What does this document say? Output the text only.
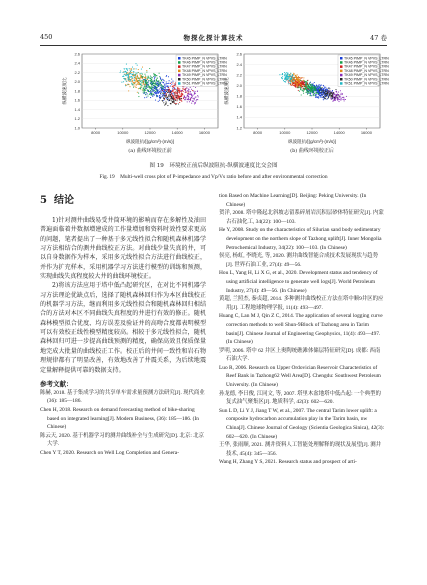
450	物探化探计算技术	47 卷
1.0
1.2
1.4
1.6
1.8
2.0
2.2
2.4
2.6
8000	10000	12000	14000	16000
纵横波速度比
纵波阻抗/[(g/cm³)·(m/s)]
TK45 PIMP_N VPVS_LTRN
TK46 PIMP_N VPVS_LTRN
TK47 PIMP_N VPVS_LTRN
TK48 PIMP_N VPVS_LTRN
TK49 PIMP_N VPVS_LTRN
TK50 PIMP_N VPVS_LTRN
TK51 PIMP_N VPVS_LTRN
(a) 曲线环境校正前
1.2
1.4
1.6
1.8
2.0
2.2
2.4
2.6
8000	10000	12000	14000	16000
纵横波速度比
纵波阻抗/[(g/cm³)·(m/s)]
TK45 PIMP_N VPVS_LTRN
TK46 PIMP_N VPVS_LTRN
TK47 PIMP_N VPVS_LTRN
TK48 PIMP_N VPVS_LTRN
TK49 PIMP_N VPVS_LTRN
TK50 PIMP_N VPVS_LTRN
TK51 PIMP_N VPVS_LTRN
(b) 曲线环境校正后
图 19　环境校正前后纵波阻抗-纵横波速度比交会图
Fig. 19　Multi-well cross plot of P-impedance and Vp/Vs ratio before and after environmental correction
5 结论

1)针对测井曲线易受井筒环境的影响而存在多解性及油田普遍面临着井数据增建成的工作量增加和资料时效性要求更高的问题，笔者提出了一种基于多元线性拟合和随机森林机器学习方法相结合的测井曲线校正方法。对曲线少量失真的井，可以自身数据作为样本，采用多元线性拟合方法进行曲线校正，并作为扩充样本，采用机器学习方法进行模型的训练和预测，实现曲线失真程度较大井的曲线环境校正。

2)将该方法应用于塔中低凸起研究区，在对比不同机器学习方法理论优缺点后，选择了随机森林回归作为本区曲线校正的机器学习方法，继而利用多元线性拟合和随机森林回归相结合的方法对本区不同曲线失真程度的井进行有效的修正。随机森林模型拟合优度、均方误差及验证并的高吻合度都表明模型可以有效校正线性模型精度较高。相较于多元线性拟合，随机森林回归可进一步提高曲线预测的精度，确保高效且保质保量地完成大批量的曲线校正工作。校正后的井间一致性和岩石物理规律都有了明显改善，有效地改善了井震关系，为后续地震定量解释提供可靠的数据支持。

参考文献：
陈赫, 2018. 基于集成学习的共享单车需求量预测方法研究[J]. 现代商业(36): 185—186.
Chen H, 2018. Research on demand forecasting method of bike-sharing based on integrated learning[J]. Modern Business, (36): 185—186. (In Chinese)
陈云天, 2020. 基于机器学习的测井曲线补全与生成研究[D]. 北京: 北京大学.
Chen Y T, 2020. Research on Well Log Completion and Genera-
tion Based on Machine Learning[D]. Beijing: Peking University. (In Chinese)
贺洋, 2008. 塔中隆起北斜坡志留系碎屑岩沉积层砂体特征研究[J]. 内蒙古石油化工, 34(22): 100—103.
He Y, 2008. Study on the characteristics of Silurian sand body sedimentary development on the northern slope of Tazhong uplift[J]. Inner Mongolia Petrochemical Industry, 34(22): 100—103. (In Chinese)
侯亮, 杨虹, 李晓光, 等, 2020. 测井曲线智能合成技术发展现状与趋势[J]. 世界石油工业, 27(4): 49—56.
Hou L, Yang H, Li X G, et al., 2020. Development status and tendency of using artificial intelligence to generate well logs[J]. World Petroleum Industry, 27(4): 49—56. (In Chinese)
黄超, 兰照杰, 秦贞超, 2014. 多种测井曲线校正方法在塔中顺9井区的应用[J]. 工程地球物理学报, 11(4): 493—497.
Huang C, Lan M J, Qin Z C, 2014. The application of several logging curve correction methods to well Shun-9Block of Tazhong area in Tarim basin[J]. Chinese Journal of Engineering Geophysics, 11(4): 493—497. (In Chinese)
罗明, 2006. 塔中 62 井区上奥陶统礁滩体储层特征研究[D]. 成都: 西南石油大学.
Luo R, 2006. Research on Upper Ordovician Reservoir Characteristics of Reef Bank in Tazhong62 Well Area[D]. Chengdu: Southwest Petroleum University. (In Chinese)
孙龙德, 李曰俊, 江同文, 等, 2007. 塔里木盆地塔中低凸起: 一个典型的复式油气聚集区[J]. 地质科学, 42(3): 602—620.
Sun L D, Li Y J, Jiang T W, et al., 2007. The central Tarim lower uplift: a composite hydrocarbon accumulation play in the Tarim basin, nw China[J]. Chinese Journal of Geology (Scientia Geologica Sinica), 42(3): 602—620. (In Chinese)
王华, 张雨顺, 2021. 测井资料人工智能处理解释的现状及展望[J]. 测井技术, 45(4): 345—356.
Wang H, Zhang Y S, 2021. Research status and prospect of arti-
